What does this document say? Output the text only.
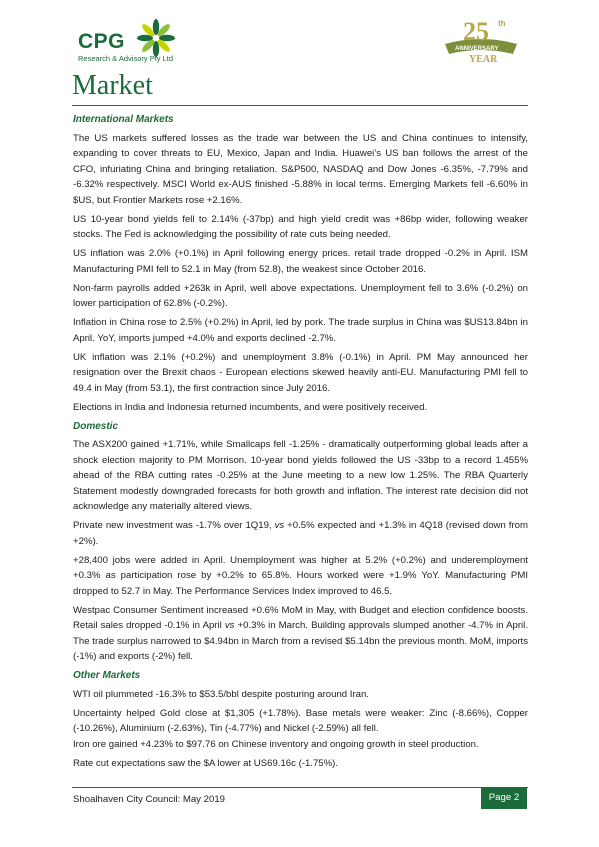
CPG
Research & Advisory Pty Ltd
25 th
ANNIVERSARY
YEAR
Market
International Markets

The US markets suffered losses as the trade war between the US and China continues to intensify, expanding to cover threats to EU, Mexico, Japan and India. Huawei’s US ban follows the arrest of the CFO, infuriating China and bringing retaliation. S&P500, NASDAQ and Dow Jones -6.35%, -7.79% and -6.32% respectively. MSCI World ex-AUS finished -5.88% in local terms. Emerging Markets fell -6.60% in $US, but Frontier Markets rose +2.16%.

US 10-year bond yields fell to 2.14% (-37bp) and high yield credit was +86bp wider, following weaker stocks. The Fed is acknowledging the possibility of rate cuts being needed.

US inflation was 2.0% (+0.1%) in April following energy prices. retail trade dropped -0.2% in April. ISM Manufacturing PMI fell to 52.1 in May (from 52.8), the weakest since October 2016.

Non-farm payrolls added +263k in April, well above expectations. Unemployment fell to 3.6% (-0.2%) on lower participation of 62.8% (-0.2%).

Inflation in China rose to 2.5% (+0.2%) in April, led by pork. The trade surplus in China was $US13.84bn in April. YoY, imports jumped +4.0% and exports declined -2.7%.

UK inflation was 2.1% (+0.2%) and unemployment 3.8% (-0.1%) in April. PM May announced her resignation over the Brexit chaos - European elections skewed heavily anti-EU. Manufacturing PMI fell to 49.4 in May (from 53.1), the first contraction since July 2016.

Elections in India and Indonesia returned incumbents, and were positively received.

Domestic

The ASX200 gained +1.71%, while Smallcaps fell -1.25% - dramatically outperforming global leads after a shock election majority to PM Morrison. 10-year bond yields followed the US -33bp to a record 1.455% ahead of the RBA cutting rates -0.25% at the June meeting to a new low 1.25%. The RBA Quarterly Statement modestly downgraded forecasts for both growth and inflation. The interest rate decision did not acknowledge any materially altered views.

Private new investment was -1.7% over 1Q19, vs +0.5% expected and +1.3% in 4Q18 (revised down from +2%).

+28,400 jobs were added in April. Unemployment was higher at 5.2% (+0.2%) and underemployment +0.3% as participation rose by +0.2% to 65.8%. Hours worked were +1.9% YoY. Manufacturing PMI dropped to 52.7 in May. The Performance Services Index improved to 46.5.

Westpac Consumer Sentiment increased +0.6% MoM in May, with Budget and election confidence boosts. Retail sales dropped -0.1% in April vs +0.3% in March. Building approvals slumped another -4.7% in April. The trade surplus narrowed to $4.94bn in March from a revised $5.14bn the previous month. MoM, imports (-1%) and exports (-2%) fell.

Other Markets

WTI oil plummeted -16.3% to $53.5/bbl despite posturing around Iran.

Uncertainty helped Gold close at $1,305 (+1.78%). Base metals were weaker: Zinc (-8.66%), Copper (-10.26%), Aluminium (-2.63%), Tin (-4.77%) and Nickel (-2.59%) all fell.

Iron ore gained +4.23% to $97.76 on Chinese inventory and ongoing growth in steel production.

Rate cut expectations saw the $A lower at US69.16c (-1.75%).

Shoalhaven City Council: May 2019	Page 2
